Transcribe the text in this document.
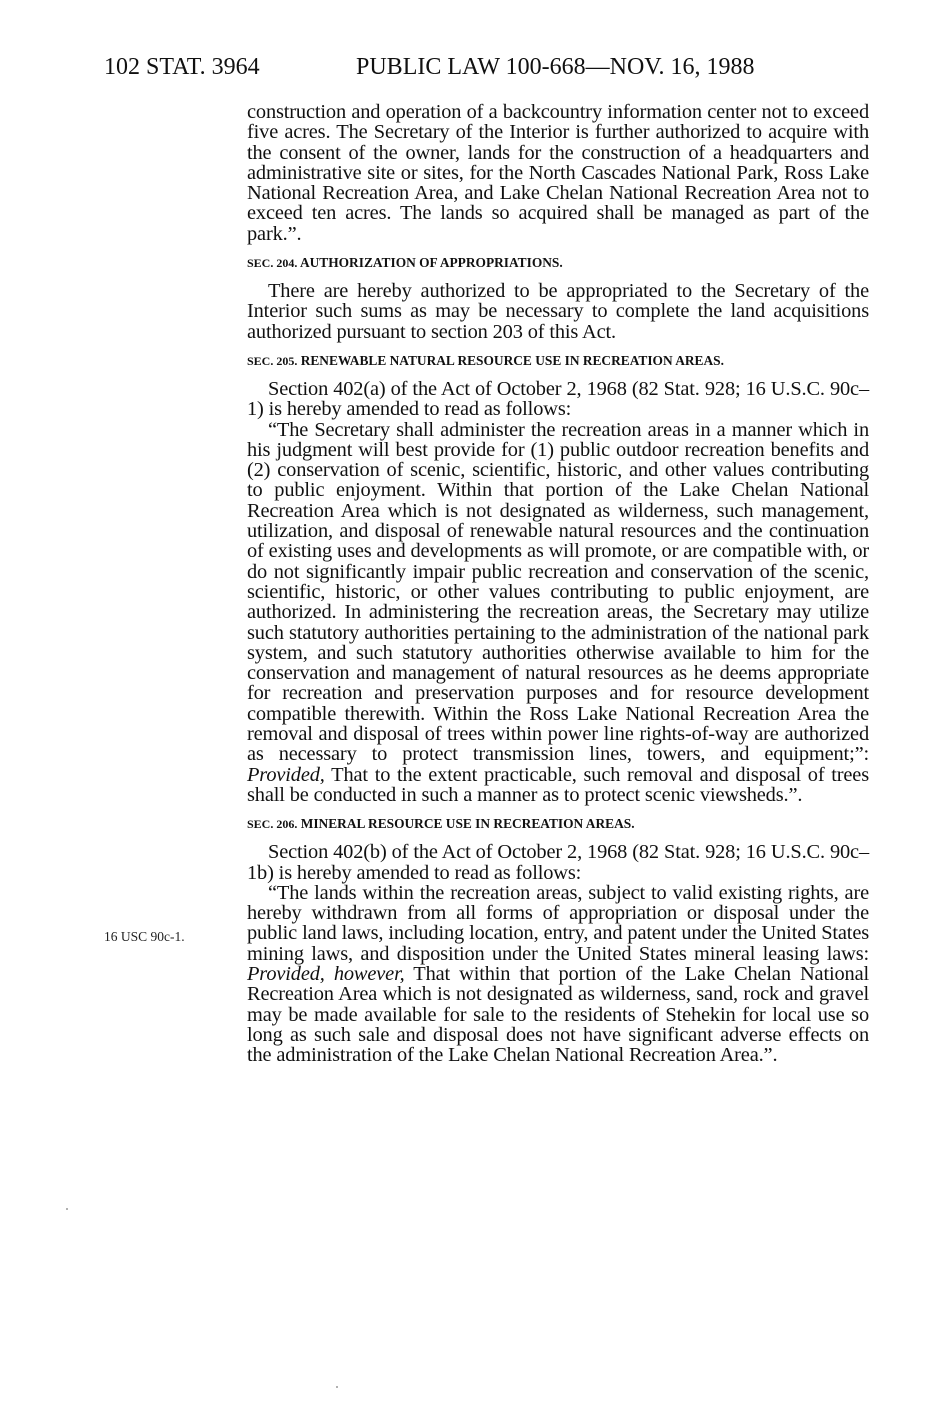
102 STAT. 3964	PUBLIC LAW 100-668—NOV. 16, 1988

construction and operation of a backcountry information center not to exceed five acres. The Secretary of the Interior is further authorized to acquire with the consent of the owner, lands for the construction of a headquarters and administrative site or sites, for the North Cascades National Park, Ross Lake National Recreation Area, and Lake Chelan National Recreation Area not to exceed ten acres. The lands so acquired shall be managed as part of the park.”.

SEC. 204. AUTHORIZATION OF APPROPRIATIONS.

There are hereby authorized to be appropriated to the Secretary of the Interior such sums as may be necessary to complete the land acquisitions authorized pursuant to section 203 of this Act.

SEC. 205. RENEWABLE NATURAL RESOURCE USE IN RECREATION AREAS.

Section 402(a) of the Act of October 2, 1968 (82 Stat. 928; 16 U.S.C. 90c–1) is hereby amended to read as follows:

“The Secretary shall administer the recreation areas in a manner which in his judgment will best provide for (1) public outdoor recreation benefits and (2) conservation of scenic, scientific, historic, and other values contributing to public enjoyment. Within that portion of the Lake Chelan National Recreation Area which is not designated as wilderness, such management, utilization, and disposal of renewable natural resources and the continuation of existing uses and developments as will promote, or are compatible with, or do not significantly impair public recreation and conservation of the scenic, scientific, historic, or other values contributing to public enjoyment, are authorized. In administering the recreation areas, the Secretary may utilize such statutory authorities pertaining to the administration of the national park system, and such statutory authorities otherwise available to him for the conservation and management of natural resources as he deems appropriate for recreation and preservation purposes and for resource development compatible therewith. Within the Ross Lake National Recreation Area the removal and disposal of trees within power line rights-of-way are authorized as necessary to protect transmission lines, towers, and equipment;”: Provided, That to the extent practicable, such removal and disposal of trees shall be conducted in such a manner as to protect scenic viewsheds.”.

SEC. 206. MINERAL RESOURCE USE IN RECREATION AREAS.

Section 402(b) of the Act of October 2, 1968 (82 Stat. 928; 16 U.S.C. 90c–1b) is hereby amended to read as follows:

“The lands within the recreation areas, subject to valid existing rights, are hereby withdrawn from all forms of appropriation or disposal under the public land laws, including location, entry, and patent under the United States mining laws, and disposition under the United States mineral leasing laws: Provided, however, That within that portion of the Lake Chelan National Recreation Area which is not designated as wilderness, sand, rock and gravel may be made available for sale to the residents of Stehekin for local use so long as such sale and disposal does not have significant adverse effects on the administration of the Lake Chelan National Recreation Area.”.

16 USC 90c-1.
